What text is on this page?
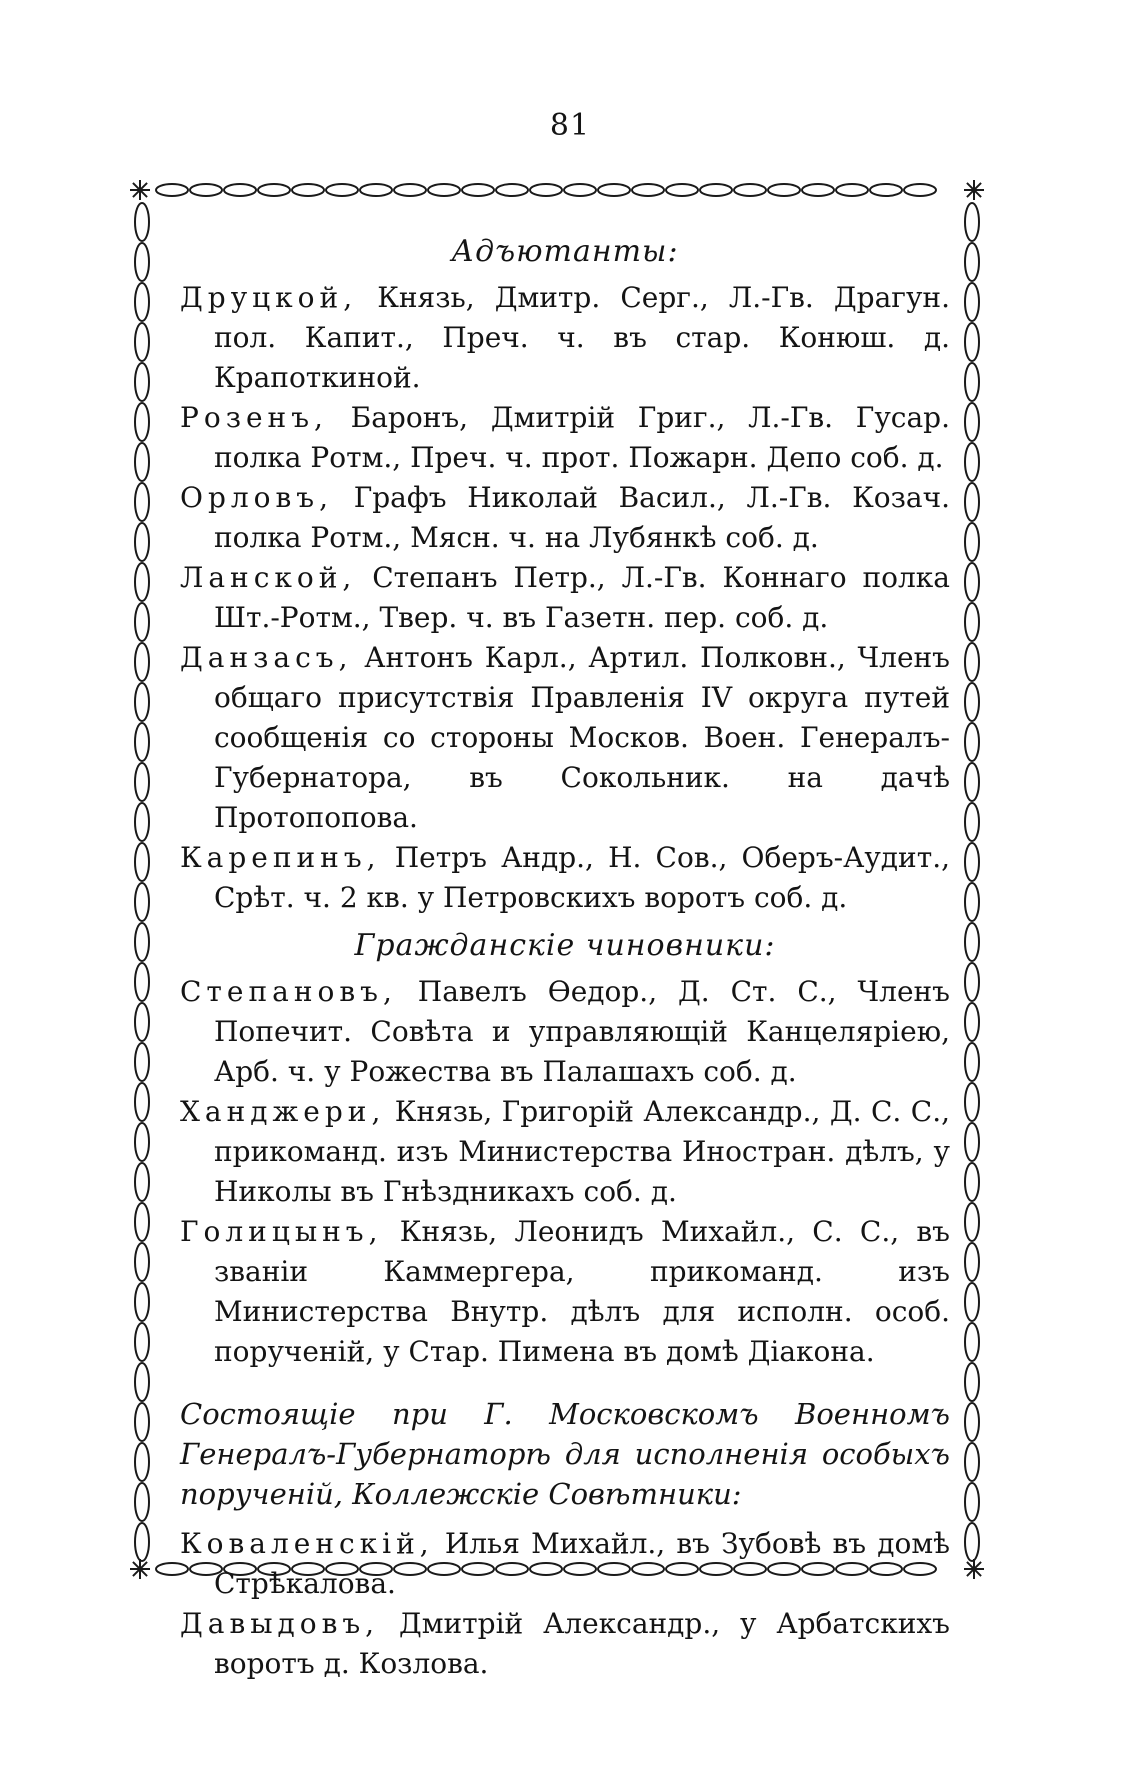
81
Адъютанты:

Друцкой, Князь, Дмитр. Серг., Л.-Гв. Драгун. пол. Капит., Преч. ч. въ стар. Конюш. д. Крапоткиной.

Розенъ, Баронъ, Дмитрій Григ., Л.-Гв. Гусар. полка Ротм., Преч. ч. прот. Пожарн. Депо соб. д.

Орловъ, Графъ Николай Васил., Л.-Гв. Козач. полка Ротм., Мясн. ч. на Лубянкѣ соб. д.

Ланской, Степанъ Петр., Л.-Гв. Коннаго полка Шт.-Ротм., Твер. ч. въ Газетн. пер. соб. д.

Данзасъ, Антонъ Карл., Артил. Полковн., Членъ общаго присутствія Правленія IV округа путей сообщенія со стороны Москов. Воен. Генералъ-Губернатора, въ Сокольник. на дачѣ Протопопова.

Карепинъ, Петръ Андр., Н. Сов., Оберъ-Аудит., Срѣт. ч. 2 кв. у Петровскихъ воротъ соб. д.

Гражданскіе чиновники:

Степановъ, Павелъ Ѳедор., Д. Ст. С., Членъ Попечит. Совѣта и управляющій Канцеляріею, Арб. ч. у Рожества въ Палашахъ соб. д.

Ханджери, Князь, Григорій Александр., Д. С. С., прикоманд. изъ Министерства Иностран. дѣлъ, у Николы въ Гнѣздникахъ соб. д.

Голицынъ, Князь, Леонидъ Михайл., С. С., въ званіи Каммергера, прикоманд. изъ Министерства Внутр. дѣлъ для исполн. особ. порученій, у Стар. Пимена въ домѣ Діакона.

Состоящіе при Г. Московскомъ Военномъ Генералъ-Губернаторѣ для исполненія особыхъ порученій, Коллежскіе Совѣтники:

Коваленскій, Илья Михайл., въ Зубовѣ въ домѣ Стрѣкалова.

Давыдовъ, Дмитрій Александр., у Арбатскихъ воротъ д. Козлова.
